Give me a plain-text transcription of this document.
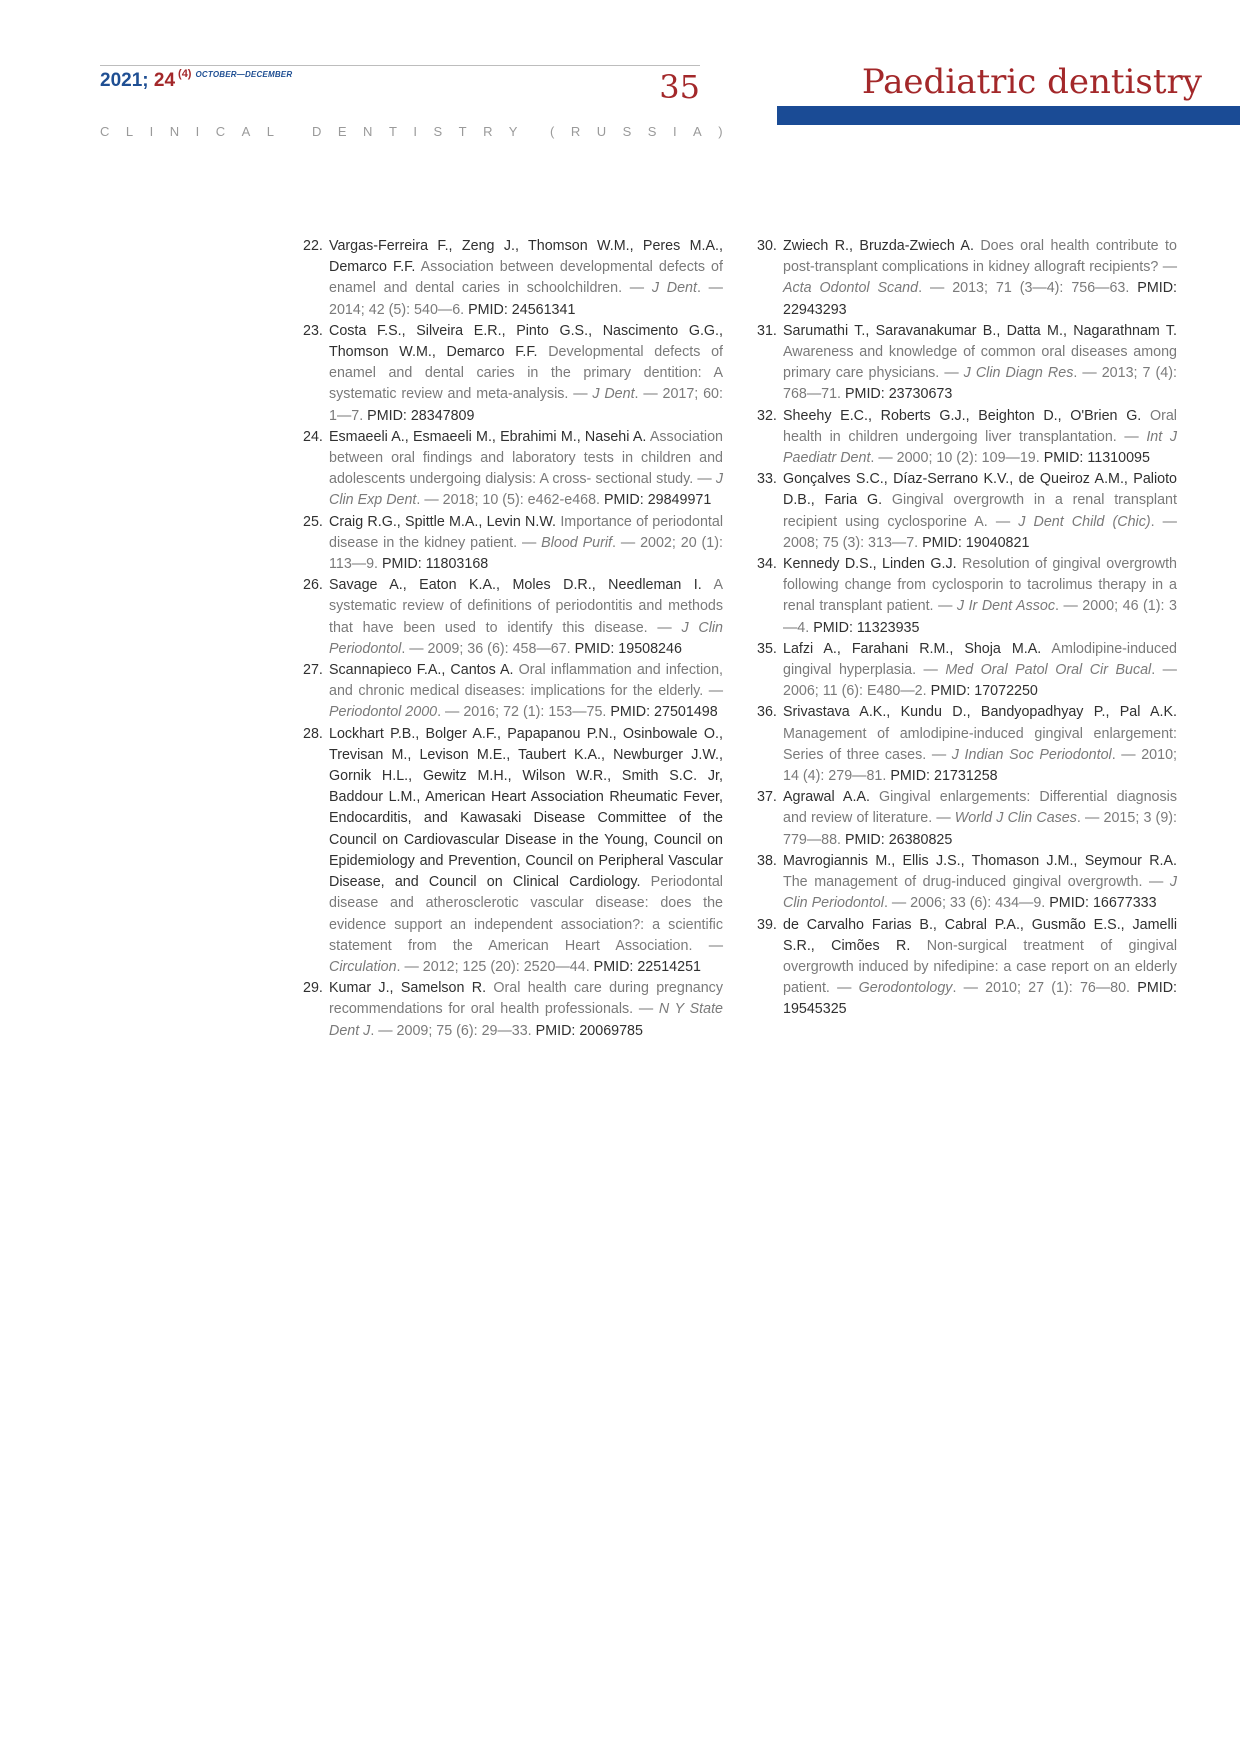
2021; 24 $^{(4)}$ $^{OCTOBER—DECEMBER}$	35
CLINICAL DENTISTRY (RUSSIA)
Paediatric dentistry
22. Vargas-Ferreira F., Zeng J., Thomson W.M., Peres M.A., Demarco F.F. Association between developmental defects of enamel and dental caries in schoolchildren. — J Dent. — 2014; 42 (5): 540—6. PMID: 24561341
23. Costa F.S., Silveira E.R., Pinto G.S., Nascimento G.G., Thomson W.M., Demarco F.F. Developmental defects of enamel and dental caries in the primary dentition: A systematic review and meta-analysis. — J Dent. — 2017; 60: 1—7. PMID: 28347809
24. Esmaeeli A., Esmaeeli M., Ebrahimi M., Nasehi A. Association between oral findings and laboratory tests in children and adolescents undergoing dialysis: A cross- sectional study. — J Clin Exp Dent. — 2018; 10 (5): e462-e468. PMID: 29849971
25. Craig R.G., Spittle M.A., Levin N.W. Importance of periodontal disease in the kidney patient. — Blood Purif. — 2002; 20 (1): 113—9. PMID: 11803168
26. Savage A., Eaton K.A., Moles D.R., Needleman I. A systematic review of definitions of periodontitis and methods that have been used to identify this disease. — J Clin Periodontol. — 2009; 36 (6): 458—67. PMID: 19508246
27. Scannapieco F.A., Cantos A. Oral inflammation and infection, and chronic medical diseases: implications for the elderly. — Periodontol 2000. — 2016; 72 (1): 153—75. PMID: 27501498
28. Lockhart P.B., Bolger A.F., Papapanou P.N., Osinbowale O., Trevisan M., Levison M.E., Taubert K.A., Newburger J.W., Gornik H.L., Gewitz M.H., Wilson W.R., Smith S.C. Jr, Baddour L.M., American Heart Association Rheumatic Fever, Endocarditis, and Kawasaki Disease Committee of the Council on Cardiovascular Disease in the Young, Council on Epidemiology and Prevention, Council on Peripheral Vascular Disease, and Council on Clinical Cardiology. Periodontal disease and atherosclerotic vascular disease: does the evidence support an independent association?: a scientific statement from the American Heart Association. — Circulation. — 2012; 125 (20): 2520—44. PMID: 22514251
29. Kumar J., Samelson R. Oral health care during pregnancy recommendations for oral health professionals. — N Y State Dent J. — 2009; 75 (6): 29—33. PMID: 20069785
30. Zwiech R., Bruzda-Zwiech A. Does oral health contribute to post-transplant complications in kidney allograft recipients? — Acta Odontol Scand. — 2013; 71 (3—4): 756—63. PMID: 22943293
31. Sarumathi T., Saravanakumar B., Datta M., Nagarathnam T. Awareness and knowledge of common oral diseases among primary care physicians. — J Clin Diagn Res. — 2013; 7 (4): 768—71. PMID: 23730673
32. Sheehy E.C., Roberts G.J., Beighton D., O'Brien G. Oral health in children undergoing liver transplantation. — Int J Paediatr Dent. — 2000; 10 (2): 109—19. PMID: 11310095
33. Gonçalves S.C., Díaz-Serrano K.V., de Queiroz A.M., Palioto D.B., Faria G. Gingival overgrowth in a renal transplant recipient using cyclosporine A. — J Dent Child (Chic). — 2008; 75 (3): 313—7. PMID: 19040821
34. Kennedy D.S., Linden G.J. Resolution of gingival overgrowth following change from cyclosporin to tacrolimus therapy in a renal transplant patient. — J Ir Dent Assoc. — 2000; 46 (1): 3—4. PMID: 11323935
35. Lafzi A., Farahani R.M., Shoja M.A. Amlodipine-induced gingival hyperplasia. — Med Oral Patol Oral Cir Bucal. — 2006; 11 (6): E480—2. PMID: 17072250
36. Srivastava A.K., Kundu D., Bandyopadhyay P., Pal A.K. Management of amlodipine-induced gingival enlargement: Series of three cases. — J Indian Soc Periodontol. — 2010; 14 (4): 279—81. PMID: 21731258
37. Agrawal A.A. Gingival enlargements: Differential diagnosis and review of literature. — World J Clin Cases. — 2015; 3 (9): 779—88. PMID: 26380825
38. Mavrogiannis M., Ellis J.S., Thomason J.M., Seymour R.A. The management of drug-induced gingival overgrowth. — J Clin Periodontol. — 2006; 33 (6): 434—9. PMID: 16677333
39. de Carvalho Farias B., Cabral P.A., Gusmão E.S., Jamelli S.R., Cimões R. Non-surgical treatment of gingival overgrowth induced by nifedipine: a case report on an elderly patient. — Gerodontology. — 2010; 27 (1): 76—80. PMID: 19545325
